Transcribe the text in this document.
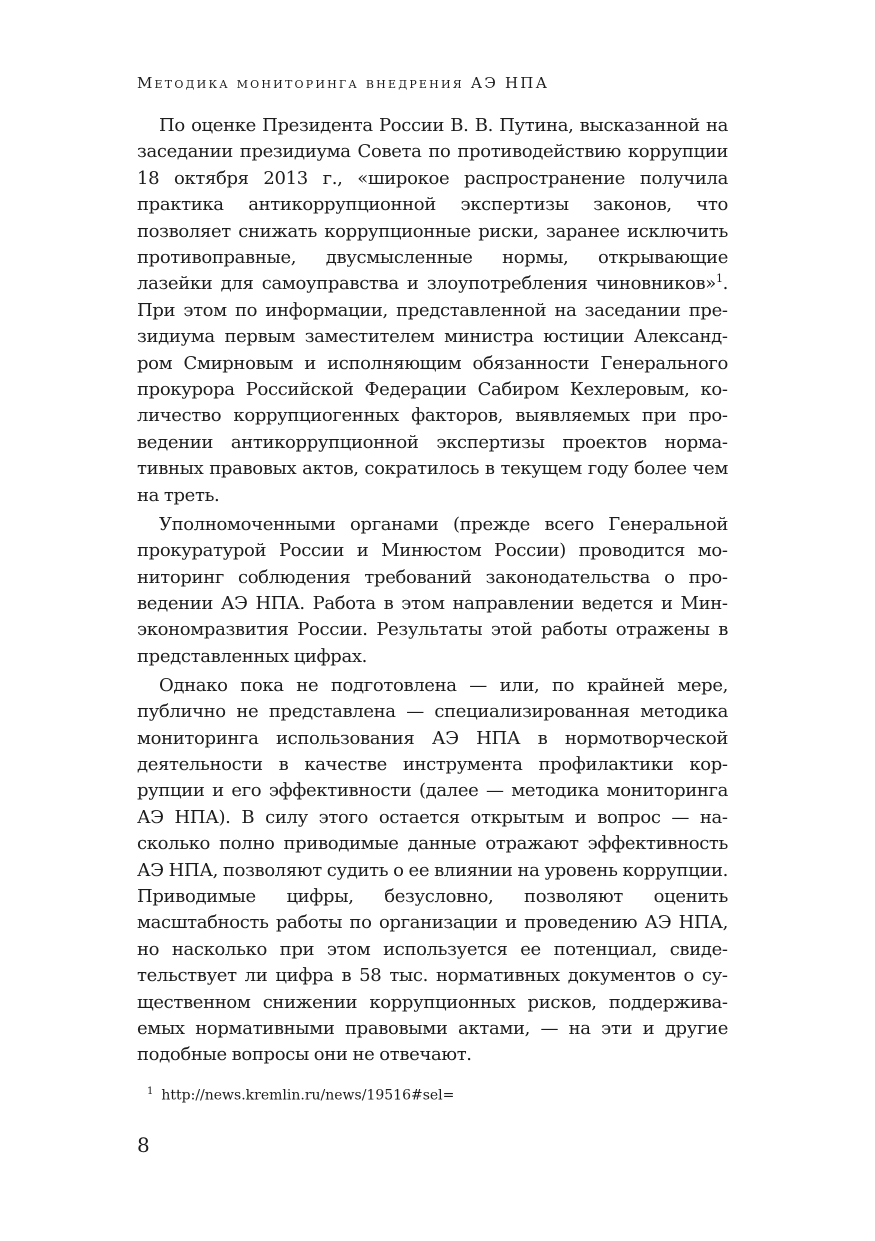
Методика мониторинга внедрения АЭ НПА

По оценке Президента России В. В. Путина, высказанной на заседании президиума Совета по противодействию коррупции 18 октября 2013 г., «широкое распространение получила практика антикоррупционной экспертизы законов, что позволяет снижать коррупционные риски, заранее исключить противоправные, двусмысленные нормы, открывающие лазейки для самоуправства и злоупотребления чиновников»$^1$. При этом по информации, представленной на заседании президиума первым заместителем министра юстиции Александром Смирновым и исполняющим обязанности Генерального прокурора Российской Федерации Сабиром Кехлеровым, количество коррупциогенных факторов, выявляемых при проведении антикоррупционной экспертизы проектов нормативных правовых актов, сократилось в текущем году более чем на треть.

Уполномоченными органами (прежде всего Генеральной прокуратурой России и Минюстом России) проводится мониторинг соблюдения требований законодательства о проведении АЭ НПА. Работа в этом направлении ведется и Минэкономразвития России. Результаты этой работы отражены в представленных цифрах.

Однако пока не подготовлена — или, по крайней мере, публично не представлена — специализированная методика мониторинга использования АЭ НПА в нормотворческой деятельности в качестве инструмента профилактики коррупции и его эффективности (далее — методика мониторинга АЭ НПА). В силу этого остается открытым и вопрос — насколько полно приводимые данные отражают эффективность АЭ НПА, позволяют судить о ее влиянии на уровень коррупции. Приводимые цифры, безусловно, позволяют оценить масштабность работы по организации и проведению АЭ НПА, но насколько при этом используется ее потенциал, свидетельствует ли цифра в 58 тыс. нормативных документов о существенном снижении коррупционных рисков, поддерживаемых нормативными правовыми актами, — на эти и другие подобные вопросы они не отвечают.

$^1$ http://news.kremlin.ru/news/19516#sel=
8
